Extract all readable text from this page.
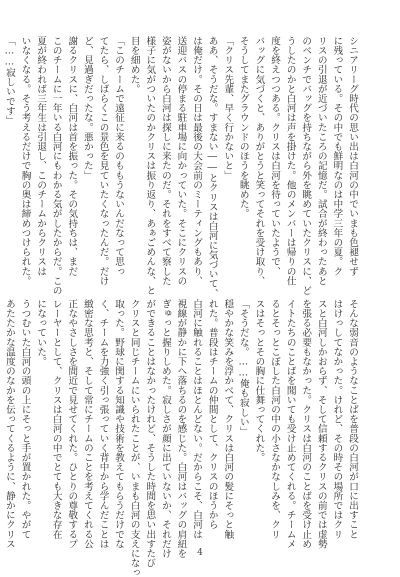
シニアリーグ時代の思い出は白河の中でいまも色褪せず
に残っている。その中でも鮮明なのは中学三年の夏。ク
リスの引退が近づいたころの記憶だ。試合が終わったあと
のベンチでバッグを持ちながら外を眺めていたクリスに、ど
うしたのかと白河は声を掛けた。他のメンバーは帰りの仕
度を終えつつある。クリスは白河を待っていたようで、
バッグに気づくと、ありがとうと笑ってそれを受け取り、
そうしてまたグラウンドのほうを眺めた。
「クリス先輩、早く行かないと」
ああ、そうだな。すまない――とクリスは白河に気づいて、
は俺だけ。その日は最後の大会前のミーティングもあり、
送迎バスの停まる駐車場に向かっていた。そこにクリスの
姿がないから白河は探しに来たのだ。それをすべて察した
様子に気がついたのかクリスは振り返り、あぁごめんな、と
目を細めた。
「このチームで遠征に来るのももうないんだなって思っ
てたら、しばらくこの景色を見ていたくなったんだ。だけ
ど、見過ぎだったな。悪かった」
謝るクリスに、白河は首を振った。その気持ちは、まだ
このチームに一年いる白河にもわかる気がしたからだ。この
夏が終われば三年生は引退し、このチームからクリスは
いなくなる。そう考えるだけで胸の奥は締めつけられた。
「……寂しいです」
そんな弱音のようなことばを普段の白河が口に出すこと
はけっしてなかった。けれど、その時その場所ではクリ
スと白河しかおらず、そして信頼するクリスの前では虚勢
を張る必要もなかった。クリスは白河のことばを受け止め
イトたちのことばを聞いても受け止めてくれる。チームメ
るとそっとこぼした白河の中の小さなかなしみを、クリ
スはそっとその胸に仕舞ってくれた。
「そうだな。……俺も寂しい」
穏やかな笑みを浮かべて、クリスは白河の髪にそっと触
れた。普段はチームの仲間として、クリスのほうから
白河に触れることはほとんどない。だからこそ、白河は
視線が静かに下へ落ちるのを感じた。白河はバッグの肩紐を
ぎゅっと握りしめた。寂しさが顔に出ていないか、それだけ
ができることはなかったけれど、そうした時間を思い出すたび
クリスと同じチームにいられたことが、いまも白河の支えになっ
取った。野球に関する知識や技術を教えてもらうだけでな
く、チームを力強く引っ張っていく背中から学んだことは
緻密な思考と、そして常にチームのことを考えてくれる公
正なやさしさを間近で見せてくれた。ひとりの尊敬するプ
レーヤーとして、クリスは白河の中でとても大きな存在
になっていた。
うつむいた白河の頭の上にそっと手が置かれた。やがて
あたたかな温度のなかを伝ってくるように、静かにクリス
4
